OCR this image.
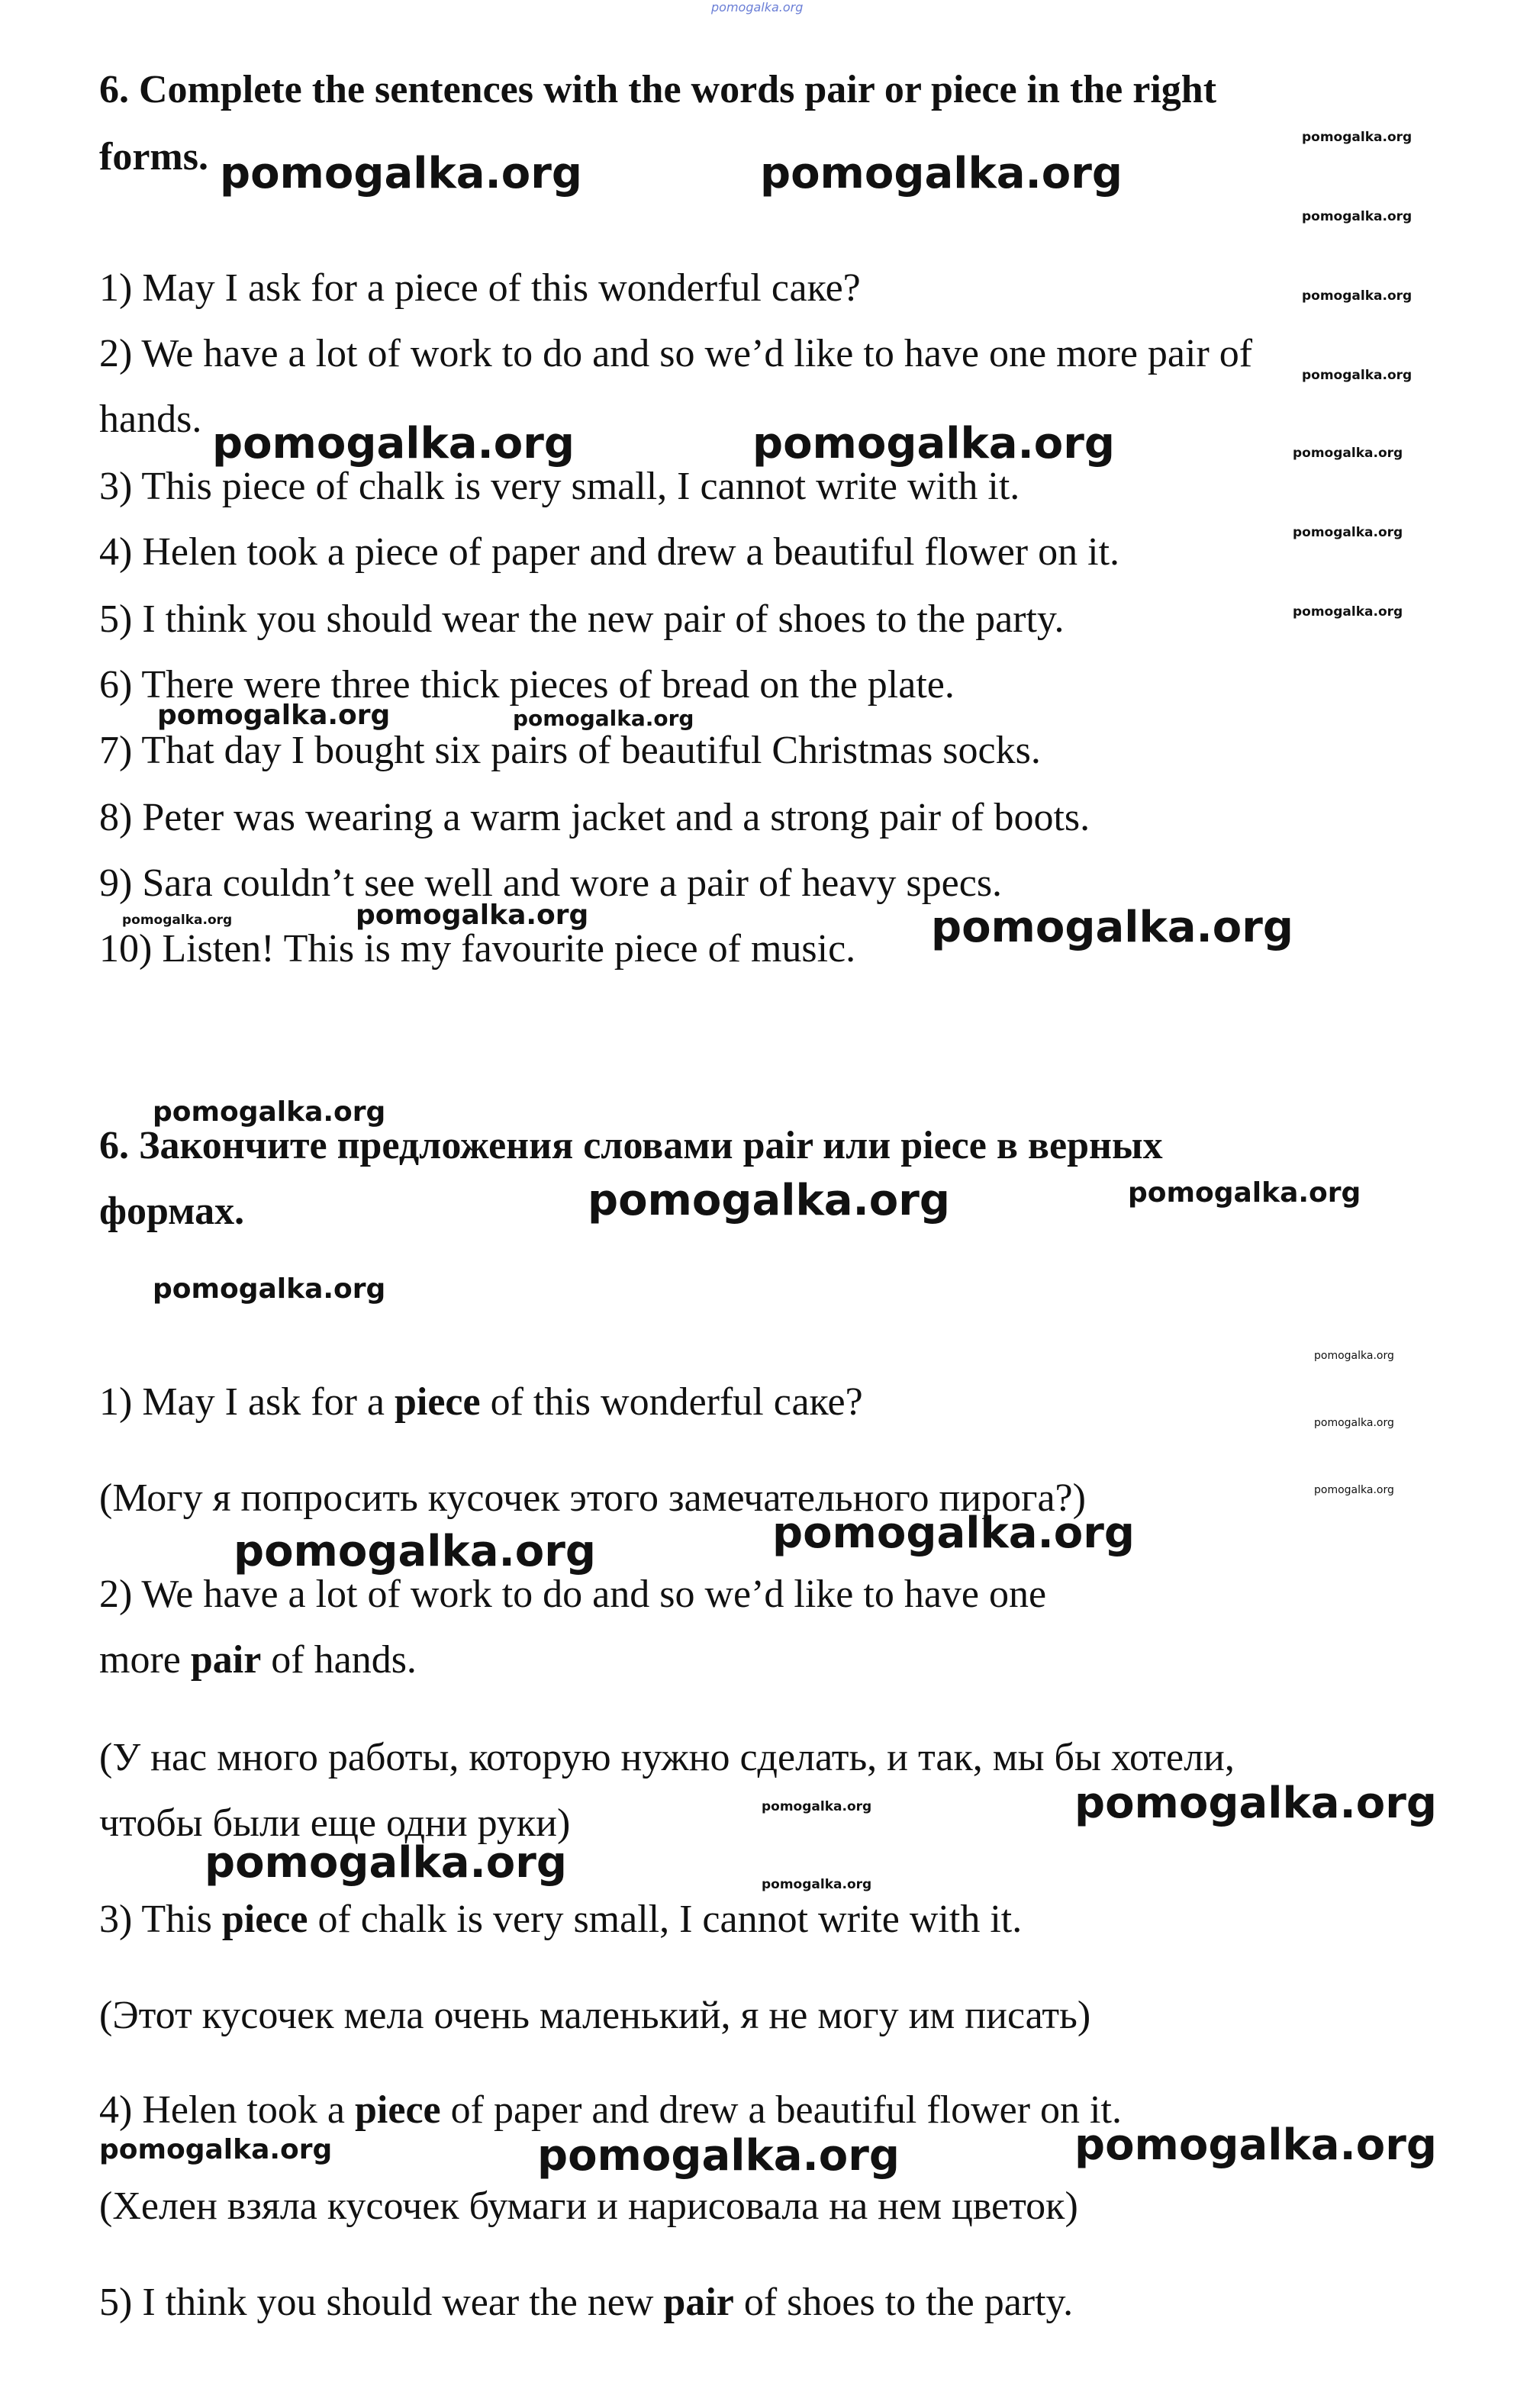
pomogalka.org
6. Complete the sentences with the words pair or piece in the right
forms.
1) May I ask for a piece of this wonderful саке?
2) We have a lot of work to do and so we’d like to have one more pair of
hands.
3) This piece of chalk is very small, I cannot write with it.
4) Helen took a piece of paper and drew a beautiful flower on it.
5) I think you should wear the new pair of shoes to the party.
6) There were three thick pieces of bread on the plate.
7) That day I bought six pairs of beautiful Christmas socks.
8) Peter was wearing a warm jacket and a strong pair of boots.
9) Sara couldn’t see well and wore a pair of heavy specs.
10) Listen! This is my favourite piece of music.
6. Закончите предложения словами pair или piece в верных
формах.
1) May I ask for a piece of this wonderful саке?
(Могу я попросить кусочек этого замечательного пирога?)
2) We have a lot of work to do and so we’d like to have one
more pair of hands.
(У нас много работы, которую нужно сделать, и так, мы бы хотели,
чтобы были еще одни руки)
3) This piece of chalk is very small, I cannot write with it.
(Этот кусочек мела очень маленький, я не могу им писать)
4) Helen took a piece of paper and drew a beautiful flower on it.
(Хелен взяла кусочек бумаги и нарисовала на нем цветок)
5) I think you should wear the new pair of shoes to the party.
pomogalka.org	pomogalka.org
pomogalka.org	pomogalka.org
pomogalka.org
pomogalka.org
pomogalka.org
pomogalka.org
pomogalka.org
pomogalka.org
pomogalka.org	pomogalka.org
pomogalka.org
pomogalka.org
pomogalka.org
pomogalka.org
pomogalka.org
pomogalka.org
pomogalka.org
pomogalka.org
pomogalka.org
pomogalka.org
pomogalka.org
pomogalka.org
pomogalka.org
pomogalka.org
pomogalka.org
pomogalka.org
pomogalka.org
pomogalka.org
pomogalka.org
pomogalka.org
